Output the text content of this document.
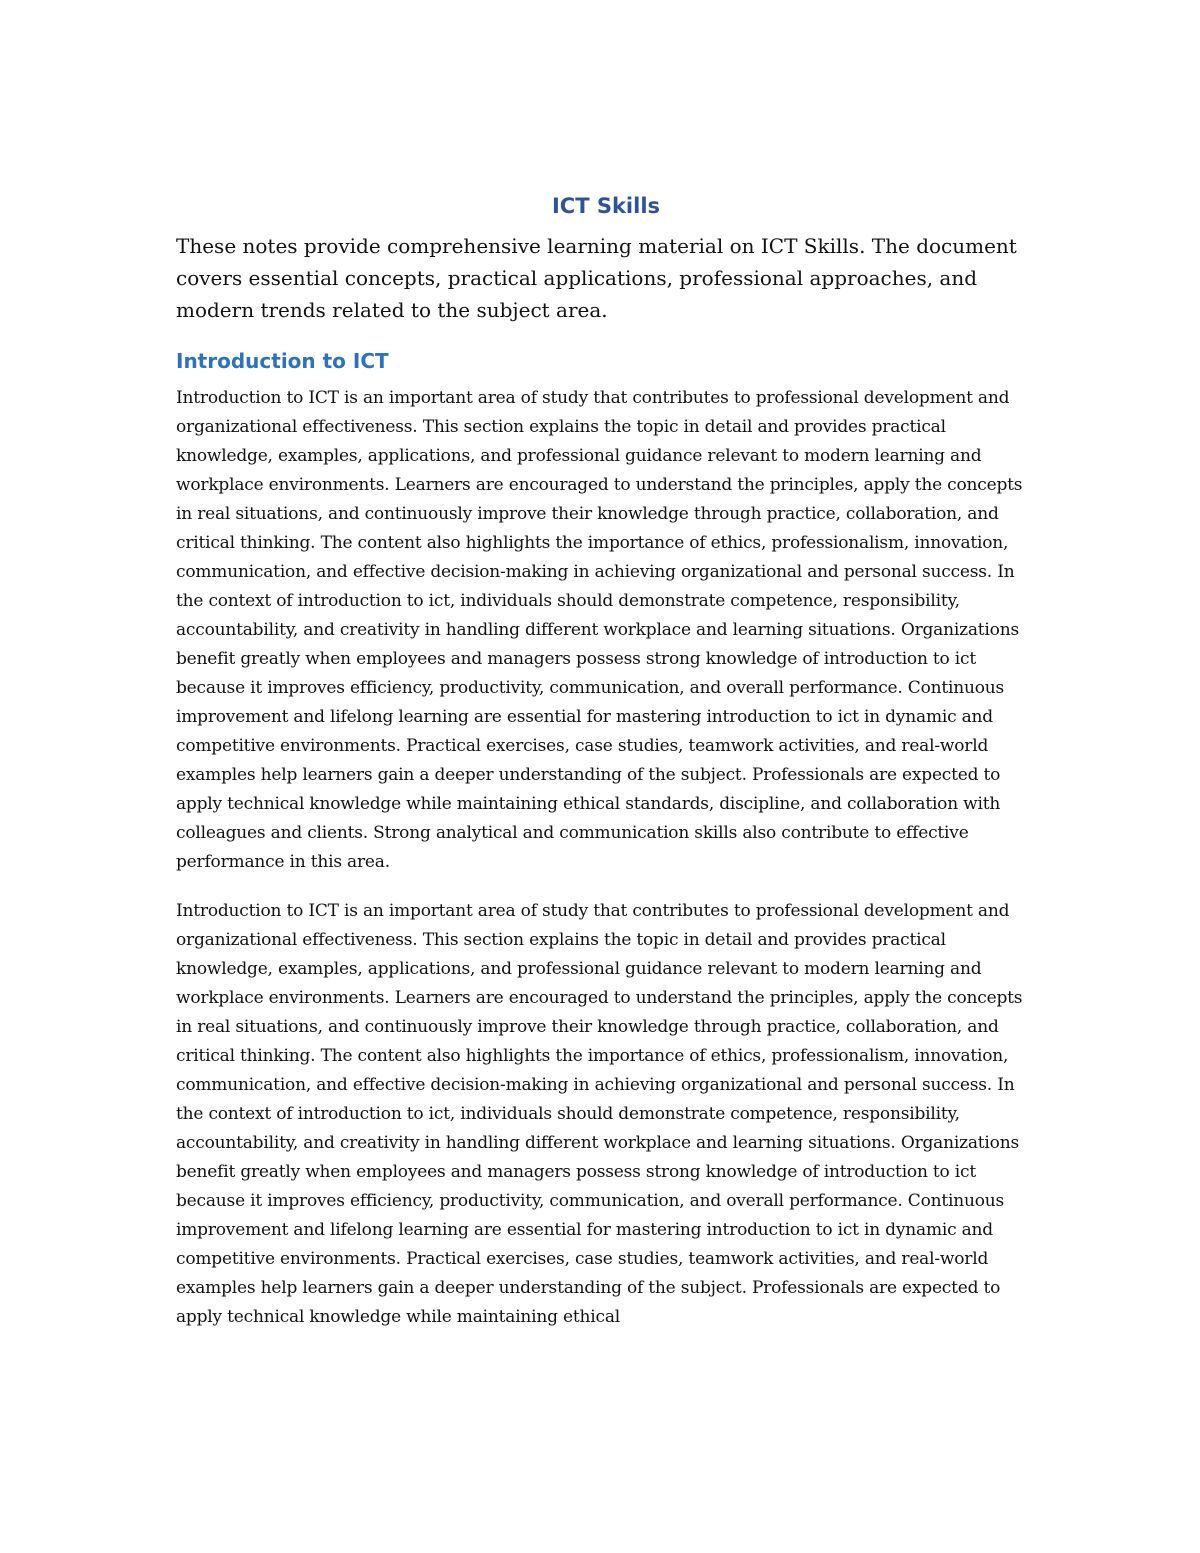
ICT Skills

These notes provide comprehensive learning material on ICT Skills. The document covers essential concepts, practical applications, professional approaches, and modern trends related to the subject area.

Introduction to ICT

Introduction to ICT is an important area of study that contributes to professional development and organizational effectiveness. This section explains the topic in detail and provides practical knowledge, examples, applications, and professional guidance relevant to modern learning and workplace environments. Learners are encouraged to understand the principles, apply the concepts in real situations, and continuously improve their knowledge through practice, collaboration, and critical thinking. The content also highlights the importance of ethics, professionalism, innovation, communication, and effective decision-making in achieving organizational and personal success. In the context of introduction to ict, individuals should demonstrate competence, responsibility, accountability, and creativity in handling different workplace and learning situations. Organizations benefit greatly when employees and managers possess strong knowledge of introduction to ict because it improves efficiency, productivity, communication, and overall performance. Continuous improvement and lifelong learning are essential for mastering introduction to ict in dynamic and competitive environments. Practical exercises, case studies, teamwork activities, and real-world examples help learners gain a deeper understanding of the subject. Professionals are expected to apply technical knowledge while maintaining ethical standards, discipline, and collaboration with colleagues and clients. Strong analytical and communication skills also contribute to effective performance in this area.

Introduction to ICT is an important area of study that contributes to professional development and organizational effectiveness. This section explains the topic in detail and provides practical knowledge, examples, applications, and professional guidance relevant to modern learning and workplace environments. Learners are encouraged to understand the principles, apply the concepts in real situations, and continuously improve their knowledge through practice, collaboration, and critical thinking. The content also highlights the importance of ethics, professionalism, innovation, communication, and effective decision-making in achieving organizational and personal success. In the context of introduction to ict, individuals should demonstrate competence, responsibility, accountability, and creativity in handling different workplace and learning situations. Organizations benefit greatly when employees and managers possess strong knowledge of introduction to ict because it improves efficiency, productivity, communication, and overall performance. Continuous improvement and lifelong learning are essential for mastering introduction to ict in dynamic and competitive environments. Practical exercises, case studies, teamwork activities, and real-world examples help learners gain a deeper understanding of the subject. Professionals are expected to apply technical knowledge while maintaining ethical
